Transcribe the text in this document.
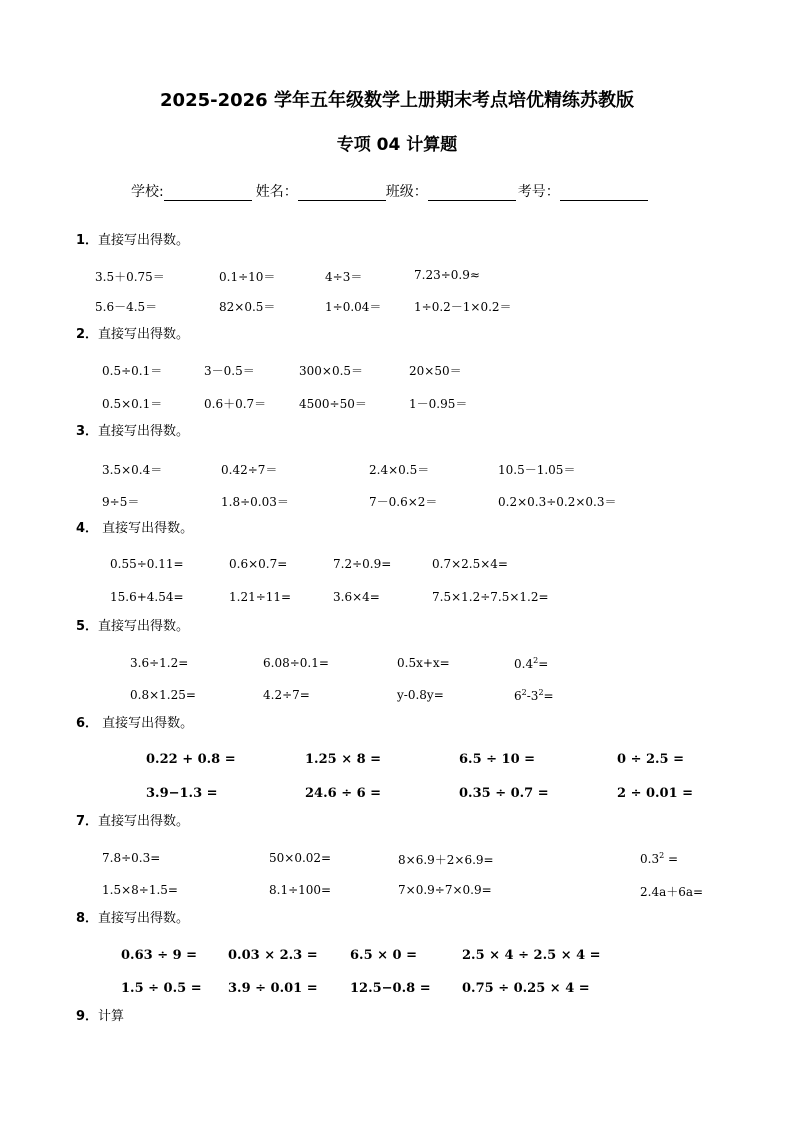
2025-2026 学年五年级数学上册期末考点培优精练苏教版
专项 04 计算题
学校:	姓名：	班级：	考号：
1．直接写出得数。
3.5＋0.75＝	0.1÷10＝	4÷3＝	7.23÷0.9≈
5.6－4.5＝	82×0.5＝	1÷0.04＝	1÷0.2－1×0.2＝
2．直接写出得数。
0.5÷0.1＝	3－0.5＝	300×0.5＝	20×50＝
0.5×0.1＝	0.6＋0.7＝	4500÷50＝	1－0.95＝
3．直接写出得数。
3.5×0.4＝	0.42÷7＝	2.4×0.5＝	10.5－1.05＝
9÷5＝	1.8÷0.03＝	7－0.6×2＝	0.2×0.3÷0.2×0.3＝
4． 直接写出得数。
0.55÷0.11=	0.6×0.7=	7.2÷0.9=	0.7×2.5×4=
15.6+4.54=	1.21÷11=	3.6×4=	7.5×1.2÷7.5×1.2=
5．直接写出得数。
3.6÷1.2=	6.08÷0.1=	0.5x+x=	$0.4^2=$
0.8×1.25=	4.2÷7=	y-0.8y=	$6^2-3^2=$
6． 直接写出得数。
0.22 + 0.8 =	1.25 × 8 =	6.5 ÷ 10 =	0 ÷ 2.5 =
3.9−1.3 =	24.6 ÷ 6 =	0.35 ÷ 0.7 =	2 ÷ 0.01 =
7．直接写出得数。
7.8÷0.3=	50×0.02=	8×6.9＋2×6.9=	$0.3^2$ =
1.5×8÷1.5=	8.1÷100=	7×0.9÷7×0.9=	2.4a＋6a=
8．直接写出得数。
0.63 ÷ 9 = 0.03 × 2.3 = 6.5 × 0 =	2.5 × 4 ÷ 2.5 × 4 =
1.5 ÷ 0.5 = 3.9 ÷ 0.01 = 12.5−0.8 = 0.75 ÷ 0.25 × 4 =
9．计算
